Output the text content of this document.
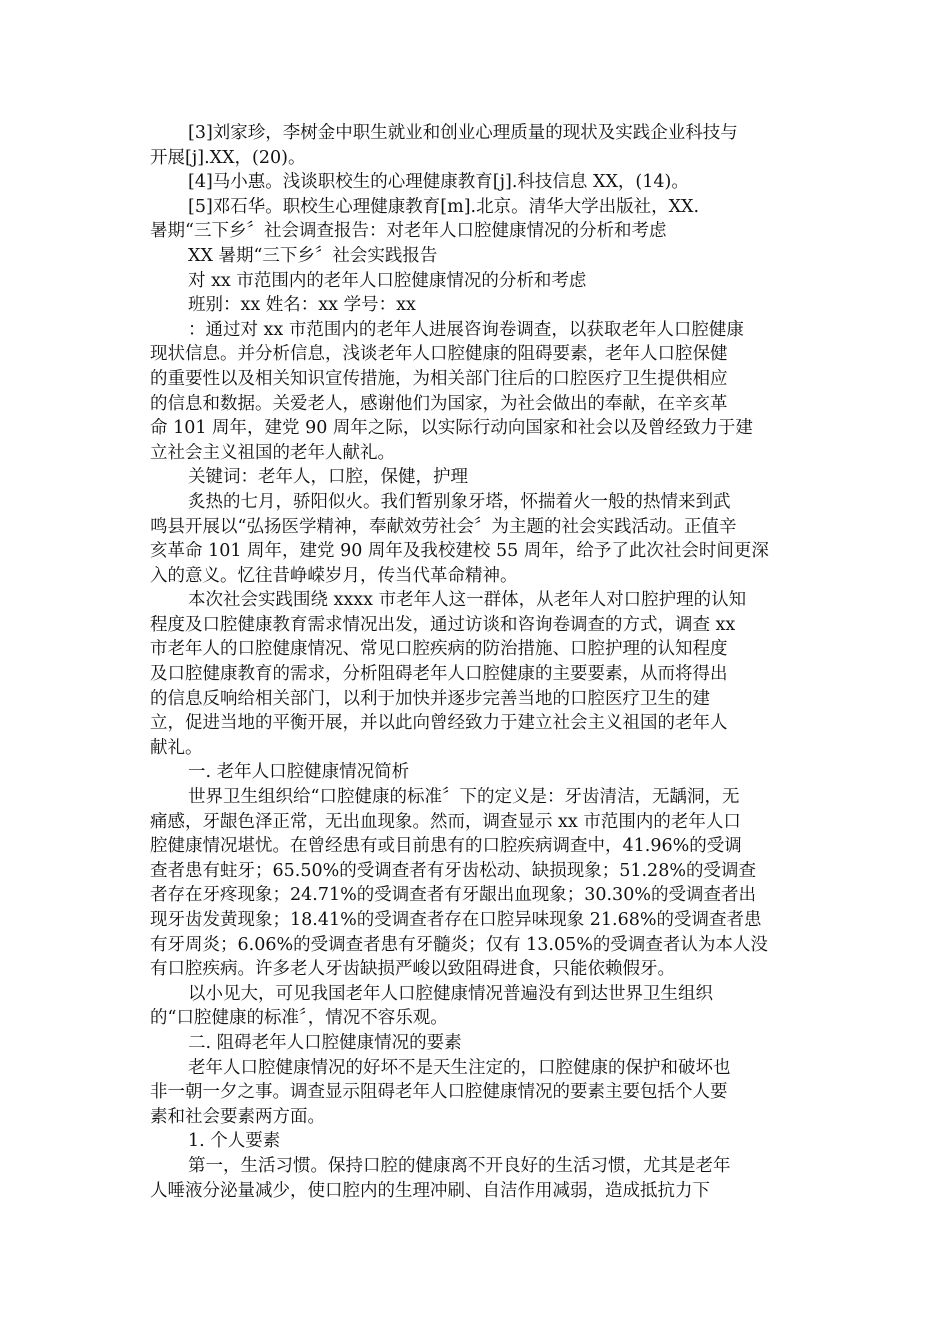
[3]刘家珍，李树金中职生就业和创业心理质量的现状及实践企业科技与
开展[j].XX，(20)。
[4]马小惠。浅谈职校生的心理健康教育[j].科技信息 XX，(14)。
[5]邓石华。职校生心理健康教育[m].北京。清华大学出版社，XX.
暑期“三下乡〞社会调查报告：对老年人口腔健康情况的分析和考虑
XX 暑期“三下乡〞社会实践报告
对 xx 市范围内的老年人口腔健康情况的分析和考虑
班别：xx 姓名：xx 学号：xx
：通过对 xx 市范围内的老年人进展咨询卷调查，以获取老年人口腔健康
现状信息。并分析信息，浅谈老年人口腔健康的阻碍要素，老年人口腔保健
的重要性以及相关知识宣传措施，为相关部门往后的口腔医疗卫生提供相应
的信息和数据。关爱老人，感谢他们为国家，为社会做出的奉献，在辛亥革
命 101 周年，建党 90 周年之际，以实际行动向国家和社会以及曾经致力于建
立社会主义祖国的老年人献礼。
关键词：老年人，口腔，保健，护理
炙热的七月，骄阳似火。我们暂别象牙塔，怀揣着火一般的热情来到武
鸣县开展以“弘扬医学精神，奉献效劳社会〞为主题的社会实践活动。正值辛
亥革命 101 周年，建党 90 周年及我校建校 55 周年，给予了此次社会时间更深
入的意义。忆往昔峥嵘岁月，传当代革命精神。
本次社会实践围绕 xxxx 市老年人这一群体，从老年人对口腔护理的认知
程度及口腔健康教育需求情况出发，通过访谈和咨询卷调查的方式，调查 xx
市老年人的口腔健康情况、常见口腔疾病的防治措施、口腔护理的认知程度
及口腔健康教育的需求，分析阻碍老年人口腔健康的主要要素，从而将得出
的信息反响给相关部门，以利于加快并逐步完善当地的口腔医疗卫生的建
立，促进当地的平衡开展，并以此向曾经致力于建立社会主义祖国的老年人
献礼。
一. 老年人口腔健康情况简析
世界卫生组织给“口腔健康的标准〞下的定义是：牙齿清洁，无龋洞，无
痛感，牙龈色泽正常，无出血现象。然而，调查显示 xx 市范围内的老年人口
腔健康情况堪忧。在曾经患有或目前患有的口腔疾病调查中，41.96%的受调
查者患有蛀牙；65.50%的受调查者有牙齿松动、缺损现象；51.28%的受调查
者存在牙疼现象；24.71%的受调查者有牙龈出血现象；30.30%的受调查者出
现牙齿发黄现象；18.41%的受调查者存在口腔异味现象 21.68%的受调查者患
有牙周炎；6.06%的受调查者患有牙髓炎；仅有 13.05%的受调查者认为本人没
有口腔疾病。许多老人牙齿缺损严峻以致阻碍进食，只能依赖假牙。
以小见大，可见我国老年人口腔健康情况普遍没有到达世界卫生组织
的“口腔健康的标准〞，情况不容乐观。
二. 阻碍老年人口腔健康情况的要素
老年人口腔健康情况的好坏不是天生注定的，口腔健康的保护和破坏也
非一朝一夕之事。调查显示阻碍老年人口腔健康情况的要素主要包括个人要
素和社会要素两方面。
1. 个人要素
第一，生活习惯。保持口腔的健康离不开良好的生活习惯，尤其是老年
人唾液分泌量减少，使口腔内的生理冲刷、自洁作用减弱，造成抵抗力下
